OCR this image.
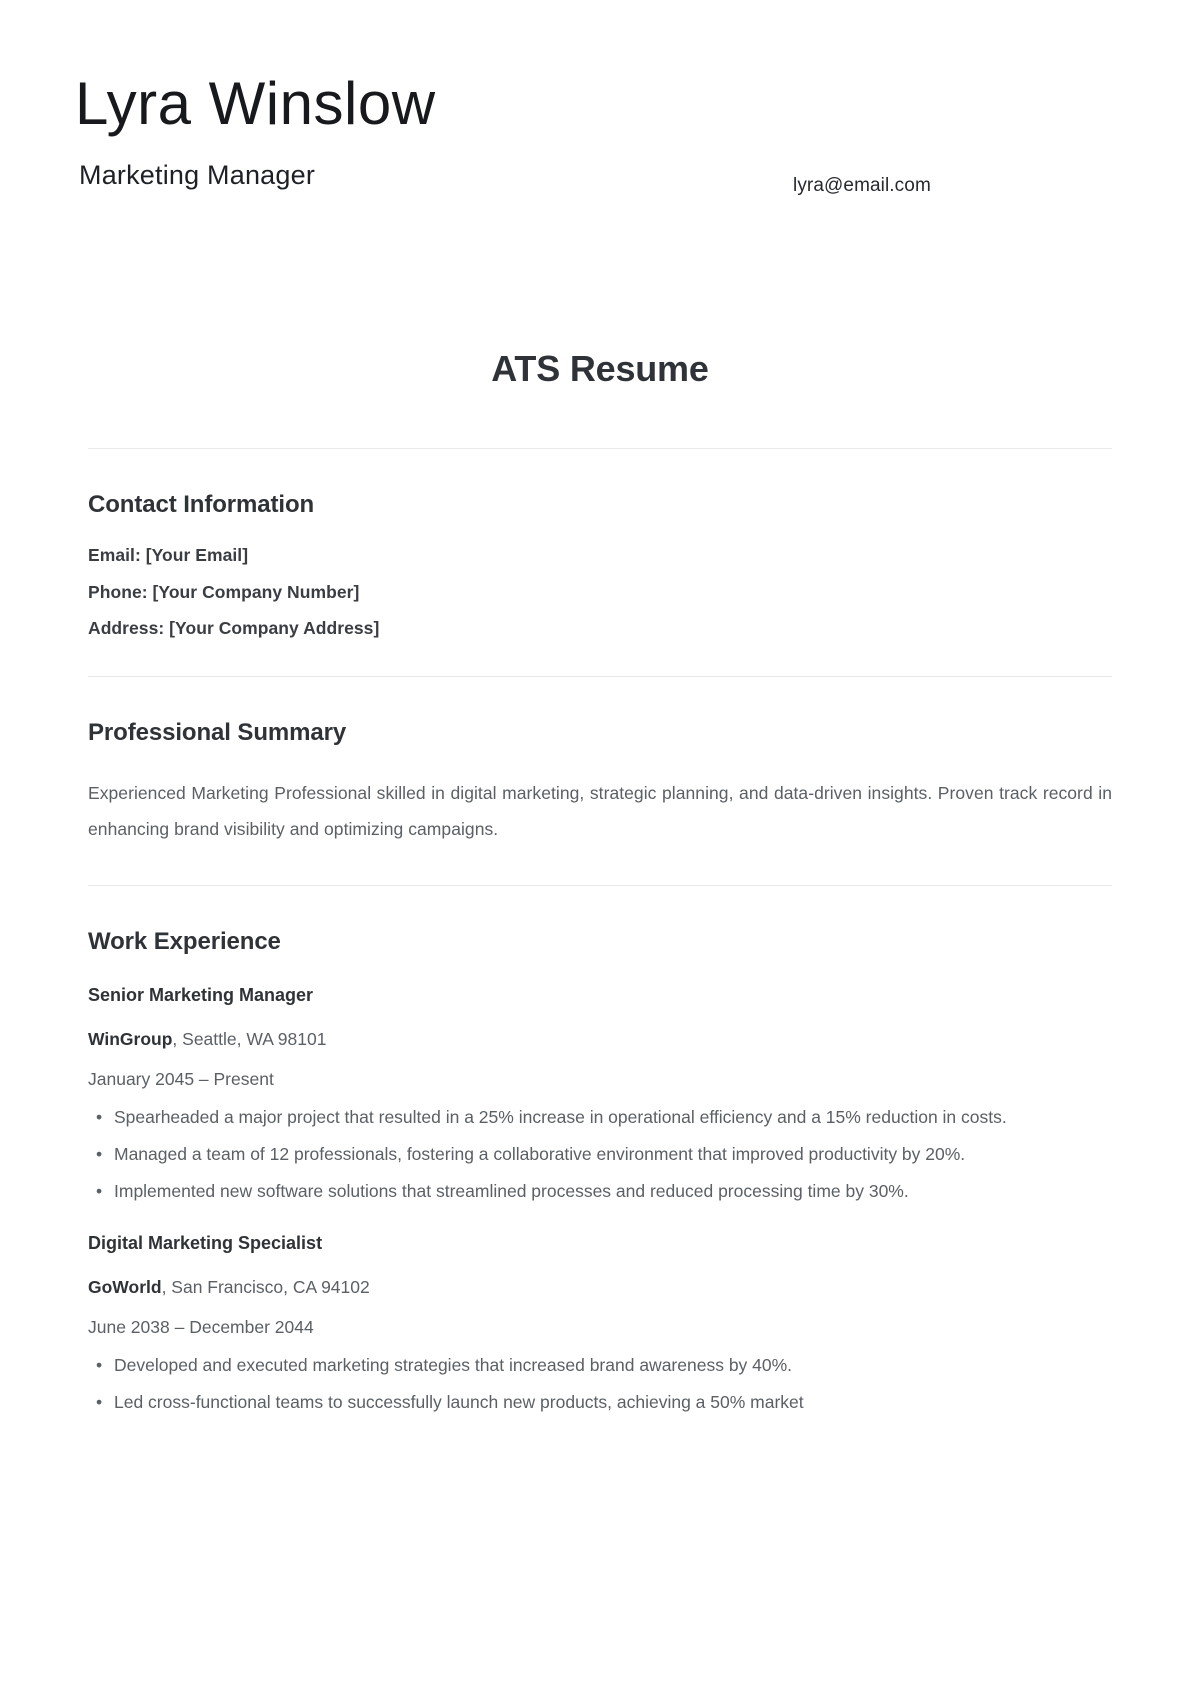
Lyra Winslow
Marketing Manager	lyra@email.com
ATS Resume
Contact Information
Email: [Your Email]
Phone: [Your Company Number]
Address: [Your Company Address]
Professional Summary

Experienced Marketing Professional skilled in digital marketing, strategic planning, and data-driven insights. Proven track record in enhancing brand visibility and optimizing campaigns.

Work Experience
Senior Marketing Manager
WinGroup, Seattle, WA 98101
January 2045 – Present
• Spearheaded a major project that resulted in a 25% increase in operational efficiency and a 15% reduction in costs.
• Managed a team of 12 professionals, fostering a collaborative environment that improved productivity by 20%.
• Implemented new software solutions that streamlined processes and reduced processing time by 30%.
Digital Marketing Specialist
GoWorld, San Francisco, CA 94102
June 2038 – December 2044
• Developed and executed marketing strategies that increased brand awareness by 40%.
• Led cross-functional teams to successfully launch new products, achieving a 50% market
